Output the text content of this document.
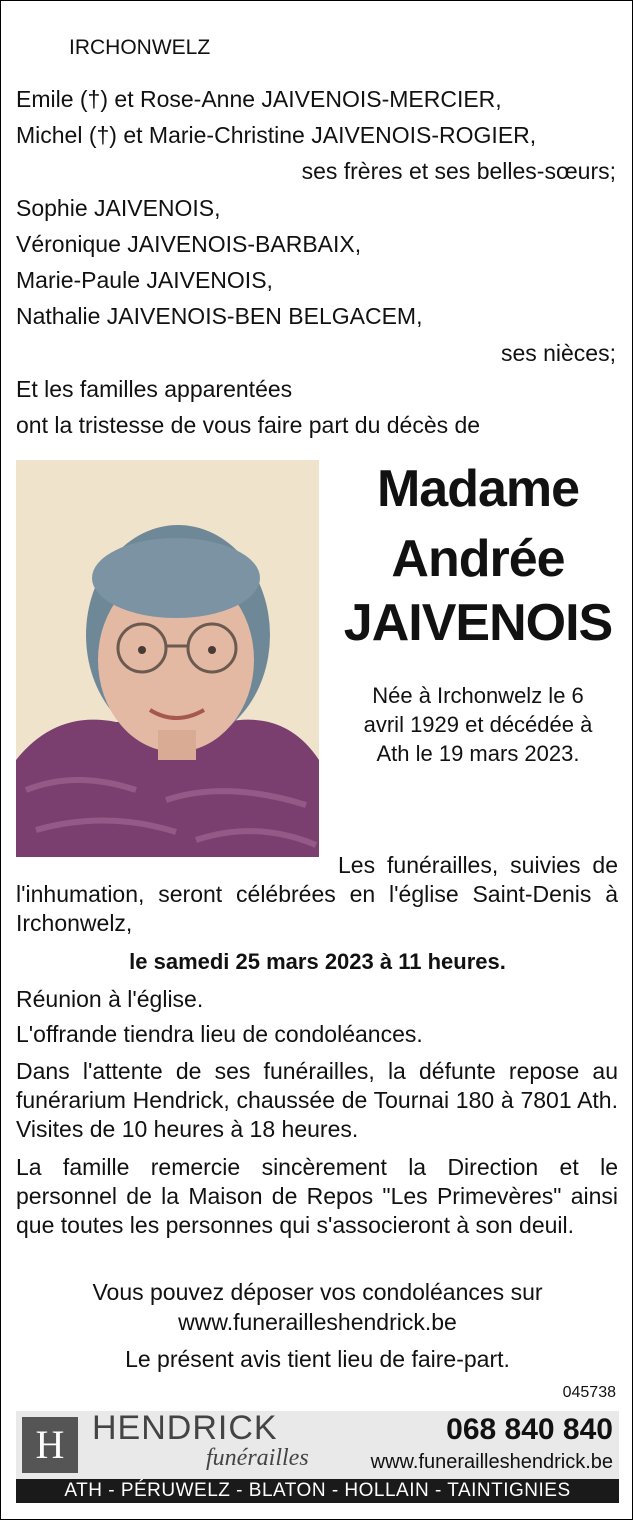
IRCHONWELZ
Emile (†) et Rose-Anne JAIVENOIS-MERCIER,
Michel (†) et Marie-Christine JAIVENOIS-ROGIER,
ses frères et ses belles-sœurs;
Sophie JAIVENOIS,
Véronique JAIVENOIS-BARBAIX,
Marie-Paule JAIVENOIS,
Nathalie JAIVENOIS-BEN BELGACEM,
ses nièces;
Et les familles apparentées
ont la tristesse de vous faire part du décès de
Madame
Andrée
JAIVENOIS
Née à Irchonwelz le 6
avril 1929 et décédée à
Ath le 19 mars 2023.
Les funérailles, suivies de l'inhumation, seront célébrées en l'église Saint-Denis à Irchonwelz,
le samedi 25 mars 2023 à 11 heures.
Réunion à l'église.
L'offrande tiendra lieu de condoléances.
Dans l'attente de ses funérailles, la défunte repose au funérarium Hendrick, chaussée de Tournai 180 à 7801 Ath. Visites de 10 heures à 18 heures.
La famille remercie sincèrement la Direction et le personnel de la Maison de Repos "Les Primevères" ainsi que toutes les personnes qui s'associeront à son deuil.
Vous pouvez déposer vos condoléances sur
www.funerailleshendrick.be
Le présent avis tient lieu de faire-part.
045738
H HENDRICK
funérailles
068 840 840
www.funerailleshendrick.be
ATH - PÉRUWELZ - BLATON - HOLLAIN - TAINTIGNIES
